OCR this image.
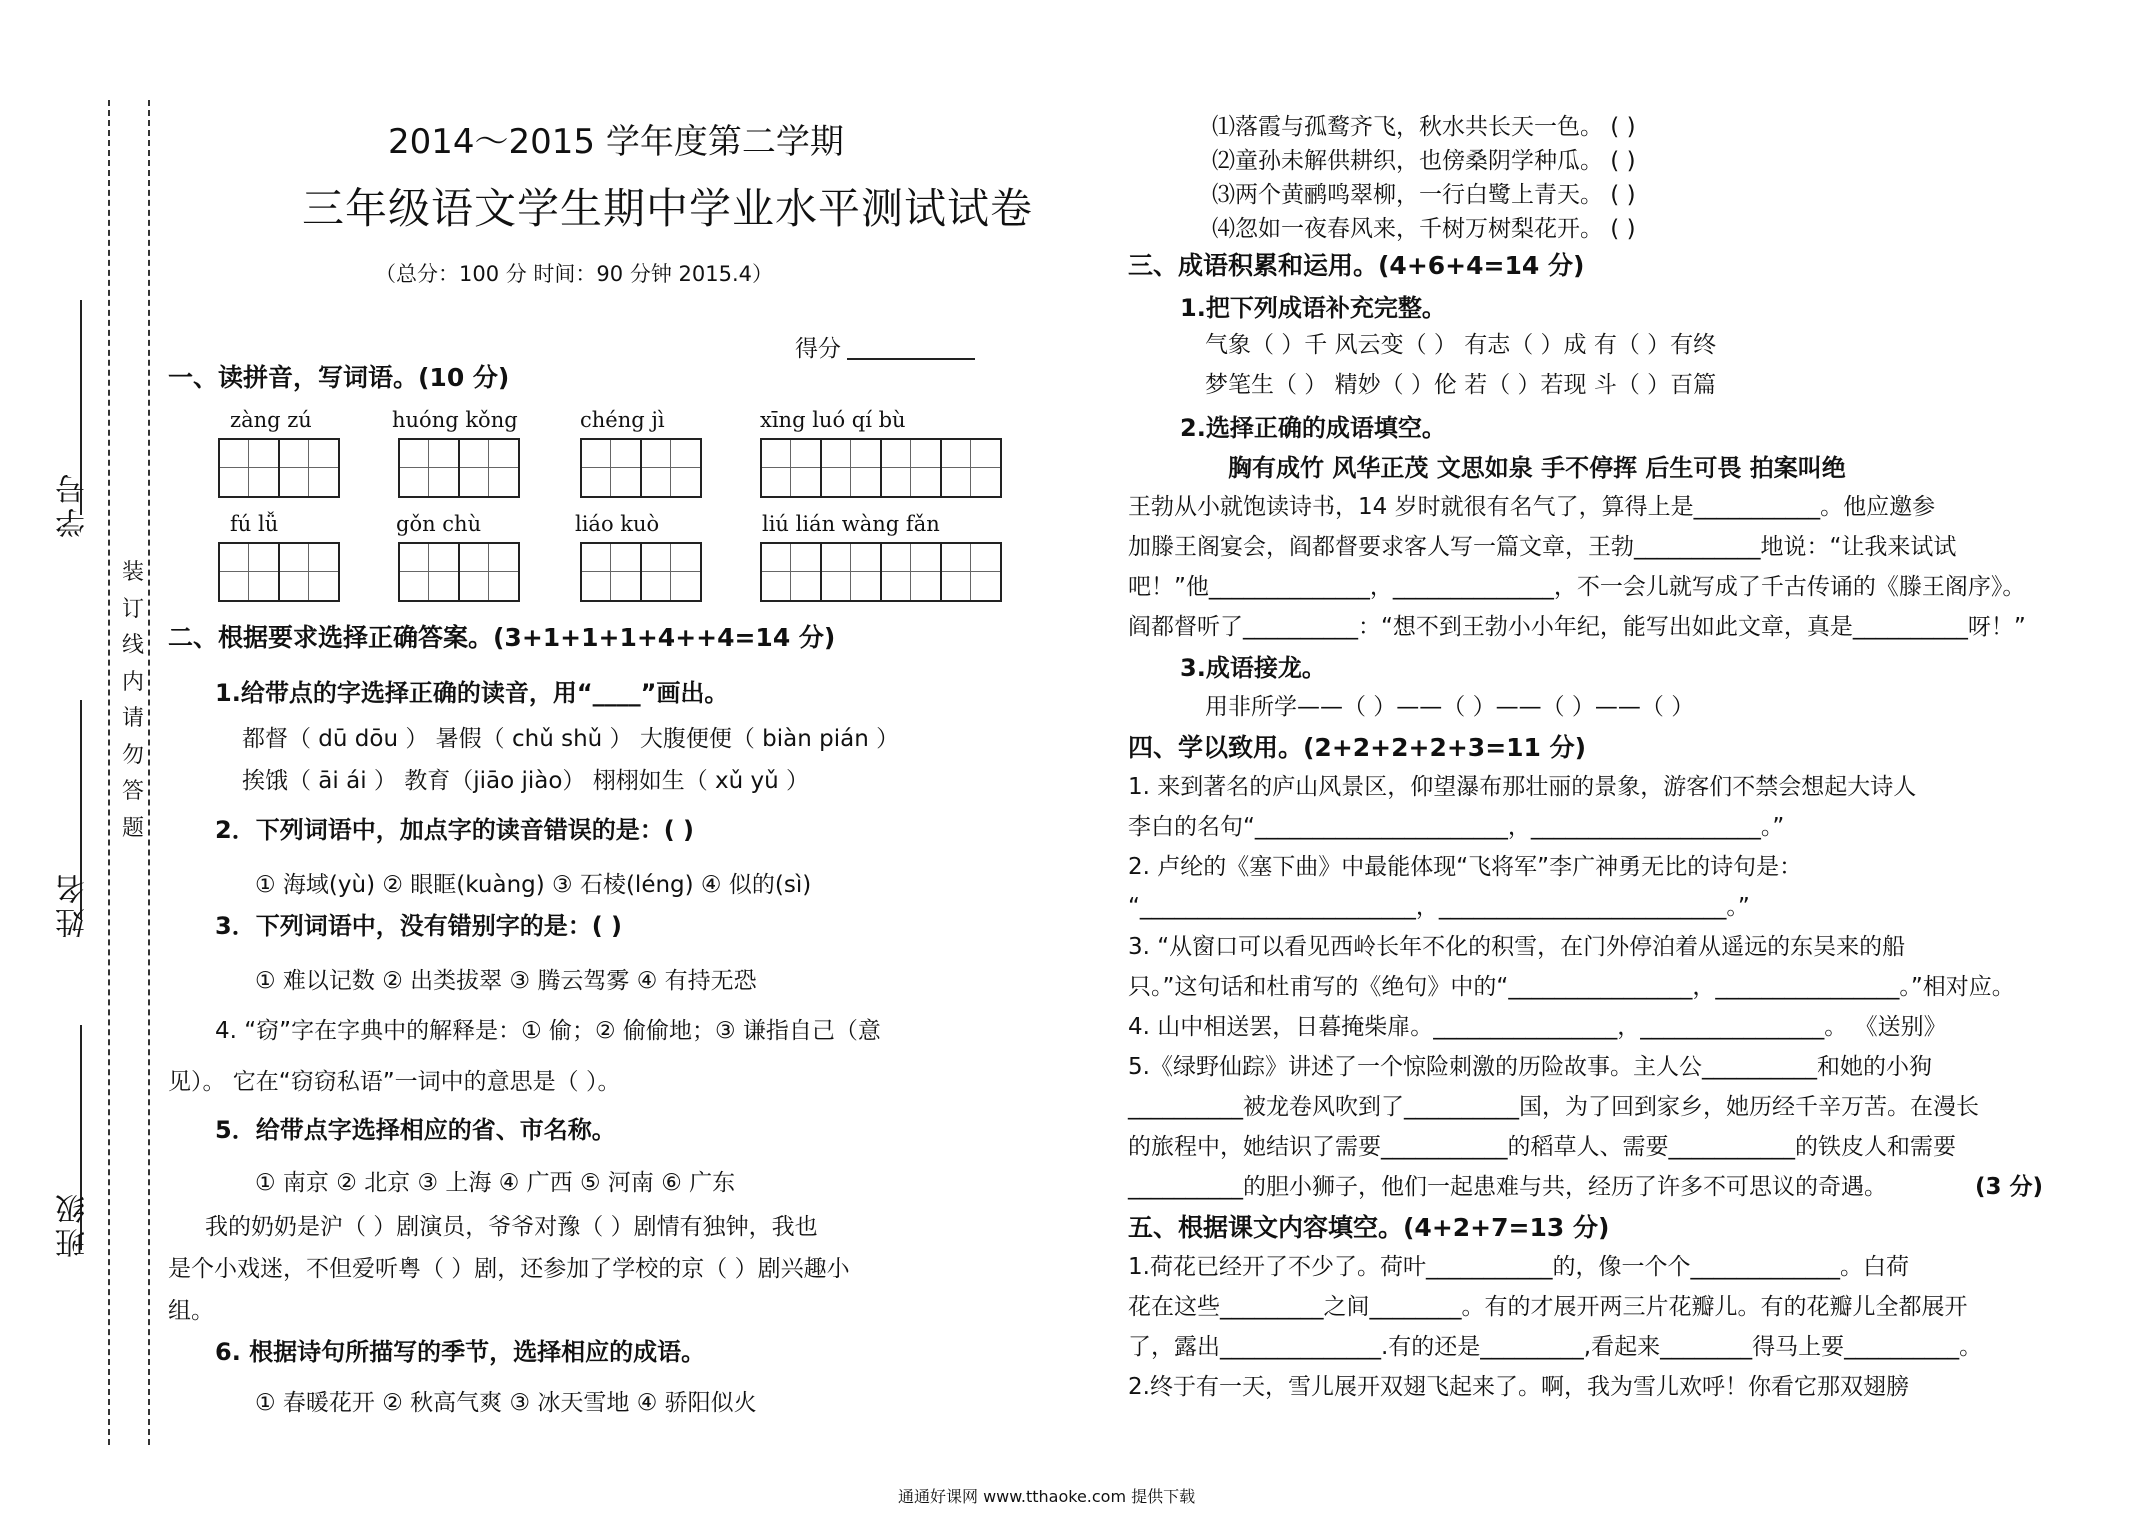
学号
姓名
班级
装
订
线
内
请
勿
答
题
2014～2015 学年度第二学期
三年级语文学生期中学业水平测试试卷
（总分：100 分 时间：90 分钟 2015.4）
得分
一、读拼音，写词语。(10 分)
zàng zú	huóng kǒng	chéng jì	xīng luó qí bù
fú lǚ	gǒn chù	liáo kuò	liú lián wàng fǎn
二、根据要求选择正确答案。(3+1+1+1+4++4=14 分)
1.给带点的字选择正确的读音，用“____”画出。
都督（ dū dōu ） 暑假（ chǔ shǔ ） 大腹便便（ biàn pián ）
挨饿（ āi ái ） 教育（jiāo jiào） 栩栩如生（ xǔ yǔ ）
2．下列词语中，加点字的读音错误的是：( )
① 海域(yù) ② 眼眶(kuàng) ③ 石棱(léng) ④ 似的(sì)
3．下列词语中，没有错别字的是：( )
① 难以记数 ② 出类拔翠 ③ 腾云驾雾 ④ 有持无恐
4. “窃”字在字典中的解释是：① 偷；② 偷偷地；③ 谦指自己（意
见）。 它在“窃窃私语”一词中的意思是（ ）。
5．给带点字选择相应的省、市名称。
① 南京 ② 北京 ③ 上海 ④ 广西 ⑤ 河南 ⑥ 广东
我的奶奶是沪（ ）剧演员，爷爷对豫（ ）剧情有独钟，我也
是个小戏迷，不但爱听粤（ ）剧，还参加了学校的京（ ）剧兴趣小
组。
6. 根据诗句所描写的季节，选择相应的成语。
① 春暖花开 ② 秋高气爽 ③ 冰天雪地 ④ 骄阳似火
⑴落霞与孤鹜齐飞，秋水共长天一色。 ( )
⑵童孙未解供耕织，也傍桑阴学种瓜。 ( )
⑶两个黄鹂鸣翠柳，一行白鹭上青天。 ( )
⑷忽如一夜春风来，千树万树梨花开。 ( )
三、成语积累和运用。(4+6+4=14 分)
1.把下列成语补充完整。
气象（ ）千 风云变（ ） 有志（ ）成 有（ ）有终
梦笔生（ ） 精妙（ ）伦 若（ ）若现 斗（ ）百篇
2.选择正确的成语填空。
胸有成竹 风华正茂 文思如泉 手不停挥 后生可畏 拍案叫绝
王勃从小就饱读诗书，14 岁时就很有名气了，算得上是___________。他应邀参
加滕王阁宴会，阎都督要求客人写一篇文章，王勃___________地说：“让我来试试
吧！”他______________，______________，不一会儿就写成了千古传诵的《滕王阁序》。
阎都督听了__________：“想不到王勃小小年纪，能写出如此文章，真是__________呀！”
3.成语接龙。
用非所学——（ ）——（ ）——（ ）——（ ）
四、学以致用。(2+2+2+2+3=11 分)
1. 来到著名的庐山风景区，仰望瀑布那壮丽的景象，游客们不禁会想起大诗人
李白的名句“______________________，____________________。”
2. 卢纶的《塞下曲》中最能体现“飞将军”李广神勇无比的诗句是：
“________________________，_________________________。”
3. “从窗口可以看见西岭长年不化的积雪，在门外停泊着从遥远的东吴来的船
只。”这句话和杜甫写的《绝句》中的“________________，________________。”相对应。
4. 山中相送罢，日暮掩柴扉。________________，________________。 《送别》
5.《绿野仙踪》讲述了一个惊险刺激的历险故事。主人公__________和她的小狗
__________被龙卷风吹到了__________国，为了回到家乡，她历经千辛万苦。在漫长
的旅程中，她结识了需要___________的稻草人、需要___________的铁皮人和需要
__________的胆小狮子，他们一起患难与共，经历了许多不可思议的奇遇。	(3 分)
五、根据课文内容填空。(4+2+7=13 分)
1.荷花已经开了不少了。荷叶___________的，像一个个_____________。白荷
花在这些_________之间________。有的才展开两三片花瓣儿。有的花瓣儿全都展开
了，露出______________.有的还是_________,看起来________得马上要__________。
2.终于有一天，雪儿展开双翅飞起来了。啊，我为雪儿欢呼！你看它那双翅膀
通通好课网 www.tthaoke.com 提供下载
